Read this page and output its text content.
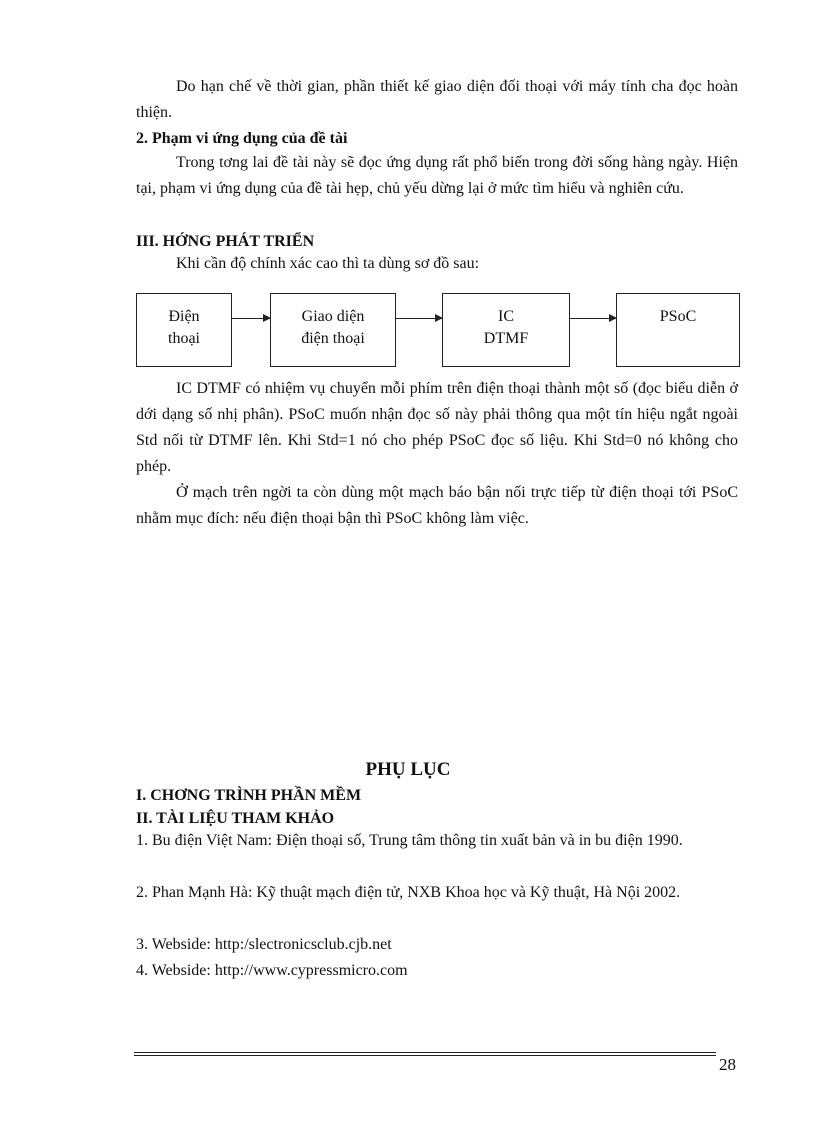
Do hạn chế về thời gian, phần thiết kế giao diện đối thoại với máy tính cha đọc hoàn thiện.

2. Phạm vi ứng dụng của đề tài

Trong tơng lai đề tài này sẽ đọc ứng dụng rất phổ biến trong đời sống hàng ngày. Hiện tại, phạm vi ứng dụng của đề tài hẹp, chủ yếu dừng lại ở mức tìm hiểu và nghiên cứu.

III. HỚNG PHÁT TRIỂN

Khi cần độ chính xác cao thì ta dùng sơ đồ sau:

Điện
thoại
Giao diện
điện thoại
IC
DTMF
PSoC

IC DTMF có nhiệm vụ chuyển mỗi phím trên điện thoại thành một số (đọc biểu diễn ở dới dạng số nhị phân). PSoC muốn nhận đọc số này phải thông qua một tín hiệu ngắt ngoài Std nối từ DTMF lên. Khi Std=1 nó cho phép PSoC đọc số liệu. Khi Std=0 nó không cho phép.

Ở mạch trên ngời ta còn dùng một mạch báo bận nối trực tiếp từ điện thoại tới PSoC nhằm mục đích: nếu điện thoại bận thì PSoC không làm việc.

PHỤ LỤC
I. CHƠNG TRÌNH PHẦN MỀM
II. TÀI LIỆU THAM KHẢO

1. Bu điện Việt Nam: Điện thoại số, Trung tâm thông tin xuất bản và in bu điện 1990.

2. Phan Mạnh Hà: Kỹ thuật mạch điện tử, NXB Khoa học và Kỹ thuật, Hà Nội 2002.

3. Webside: http:/slectronicsclub.cjb.net

4. Webside: http://www.cypressmicro.com

28
